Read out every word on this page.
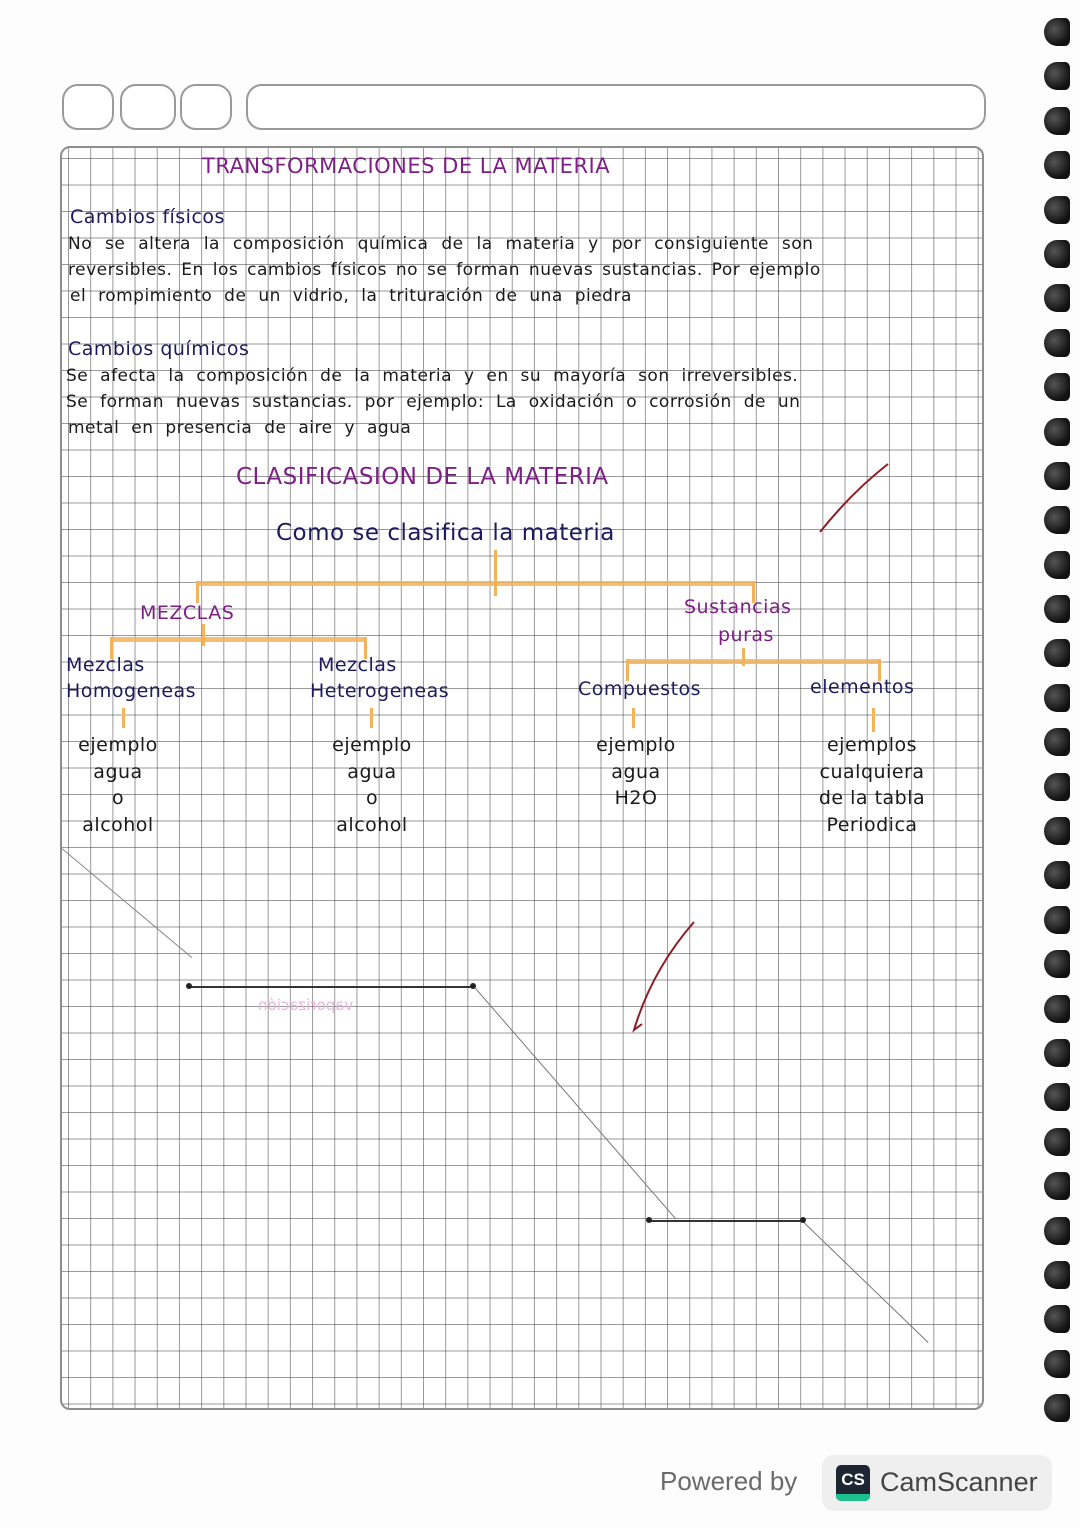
TRANSFORMACIONES DE LA MATERIA
Cambios físicos
No se altera la composición química de la materia y por consiguiente son
reversibles. En los cambios físicos no se forman nuevas sustancias. Por ejemplo
el rompimiento de un vidrio, la trituración de una piedra
Cambios químicos
Se afecta la composición de la materia y en su mayoría son irreversibles.
Se forman nuevas sustancias. por ejemplo: La oxidación o corrosión de un
metal en presencia de aire y agua
CLASIFICASION DE LA MATERIA
Como se clasifica la materia
MEZCLAS	Sustancias
puras
Mezclas
Homogeneas
Mezclas
Heterogeneas	Compuestos	elementos
ejemplo
agua
o
alcohol
ejemplo
agua
o
alcohol
ejemplo
agua
H2O
ejemplos
cualquiera
de la tabla
Periodica
vaporización
Powered by	CS CamScanner
